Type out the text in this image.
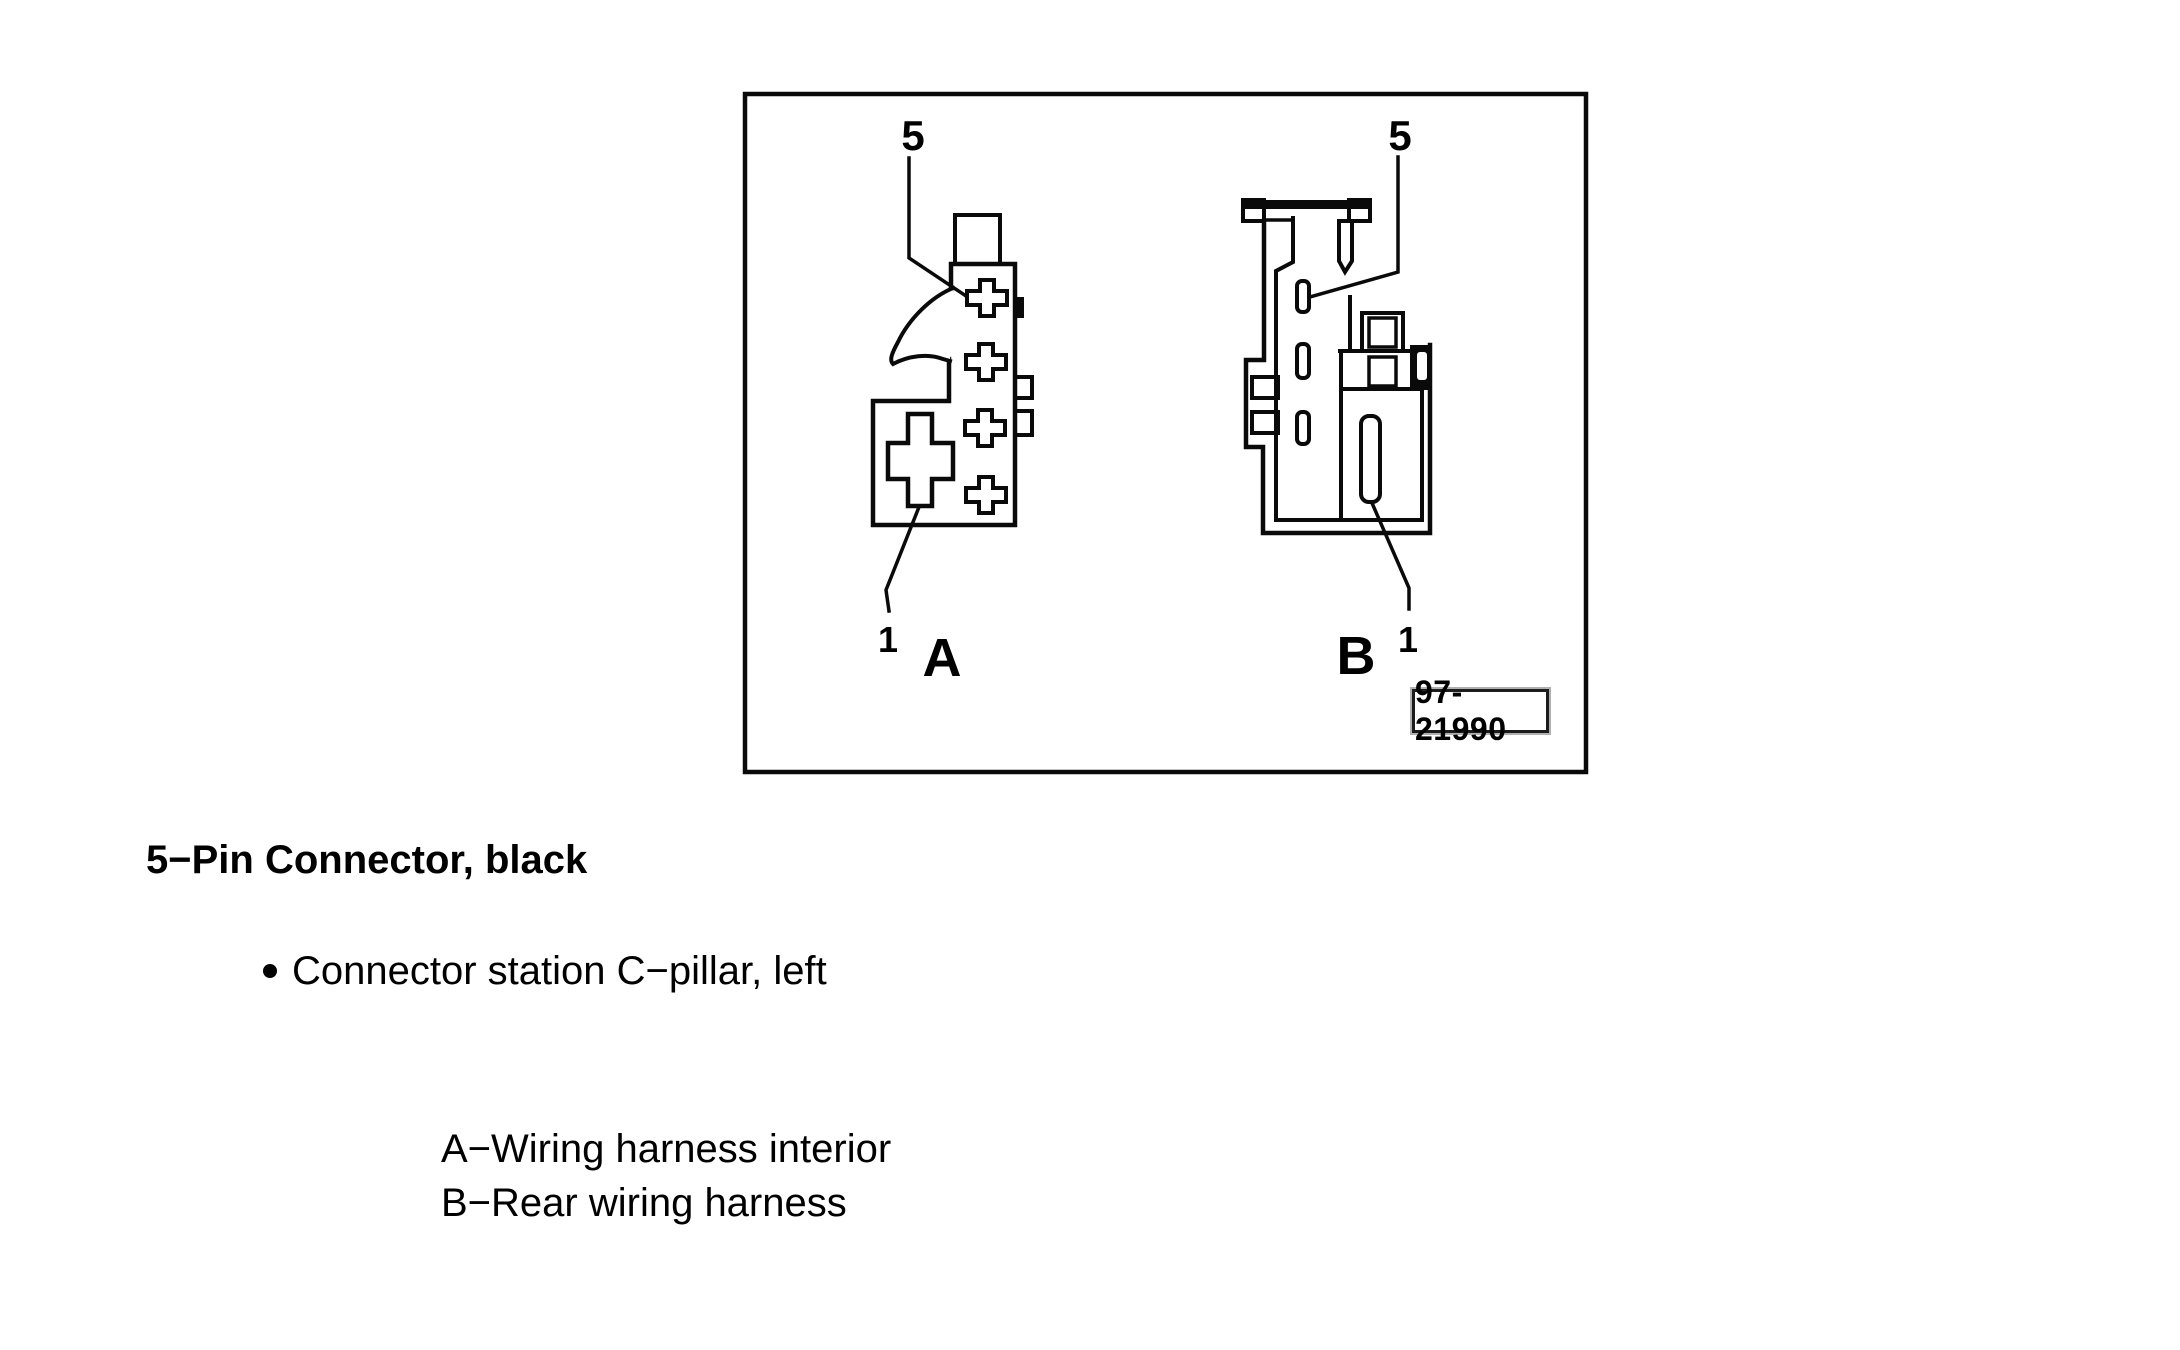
5
1 A
5
1
B
97-21990
5−Pin Connector, black
Connector station C−pillar, left
A−Wiring harness interior
B−Rear wiring harness
